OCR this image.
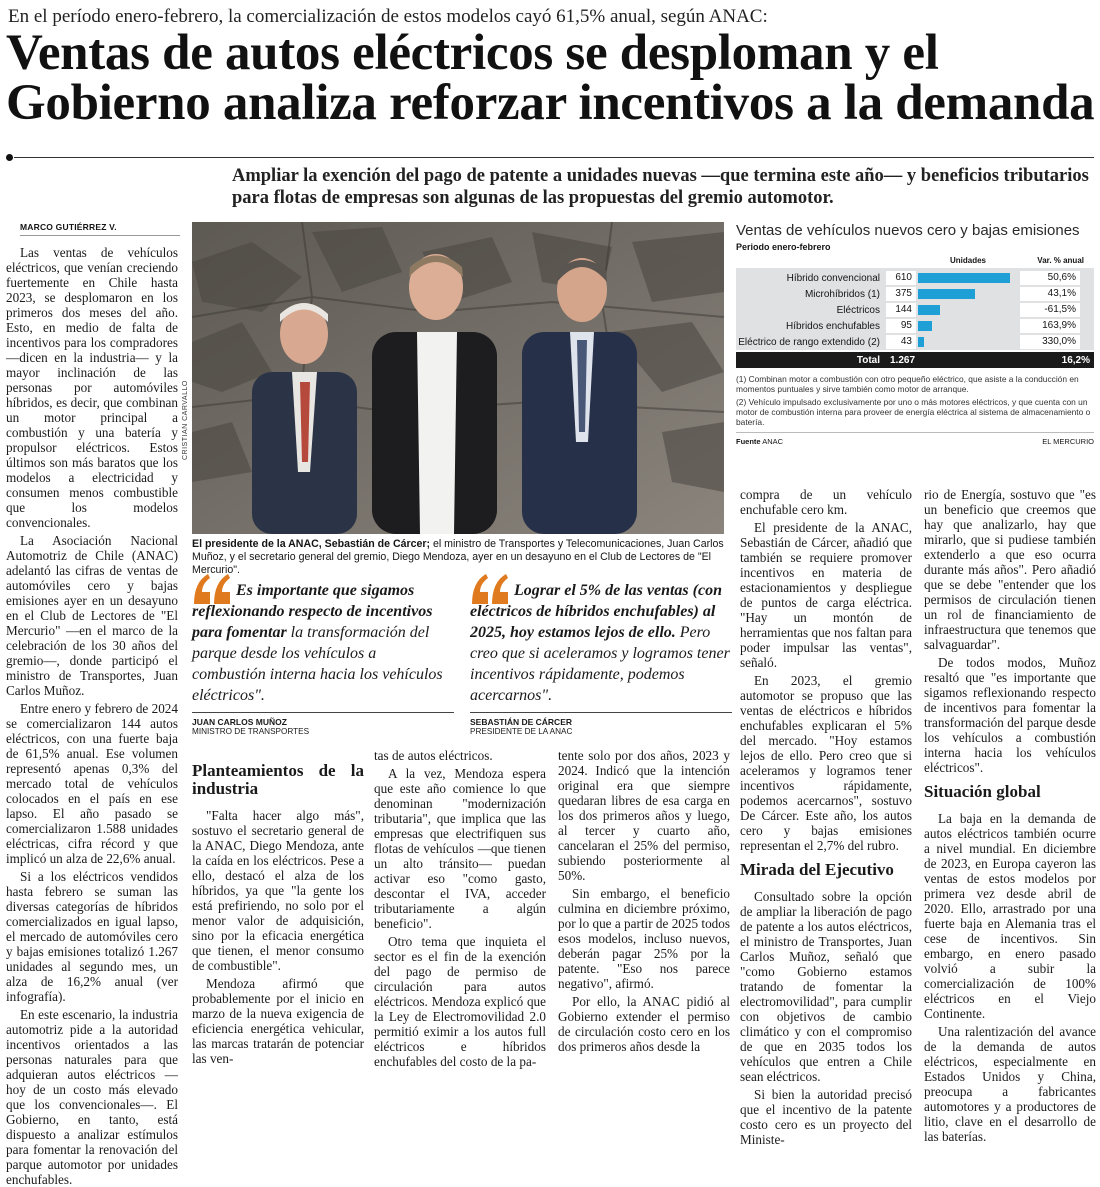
En el período enero-febrero, la comercialización de estos modelos cayó 61,5% anual, según ANAC:
Ventas de autos eléctricos se desploman y el Gobierno analiza reforzar incentivos a la demanda
Ampliar la exención del pago de patente a unidades nuevas —que termina este año— y beneficios tributarios para flotas de empresas son algunas de las propuestas del gremio automotor.
MARCO GUTIÉRREZ V.

Las ventas de vehículos eléctricos, que venían creciendo fuertemente en Chile hasta 2023, se desplomaron en los primeros dos meses del año. Esto, en medio de falta de incentivos para los compradores —dicen en la industria— y la mayor inclinación de las personas por automóviles híbridos, es decir, que combinan un motor principal a combustión y una batería y propulsor eléctricos. Estos últimos son más baratos que los modelos a electricidad y consumen menos combustible que los modelos convencionales.

La Asociación Nacional Automotriz de Chile (ANAC) adelantó las cifras de ventas de automóviles cero y bajas emisiones ayer en un desayuno en el Club de Lectores de "El Mercurio" —en el marco de la celebración de los 30 años del gremio—, donde participó el ministro de Transportes, Juan Carlos Muñoz.

Entre enero y febrero de 2024 se comercializaron 144 autos eléctricos, con una fuerte baja de 61,5% anual. Ese volumen representó apenas 0,3% del mercado total de vehículos colocados en el país en ese lapso. El año pasado se comercializaron 1.588 unidades eléctricas, cifra récord y que implicó un alza de 22,6% anual.

Si a los eléctricos vendidos hasta febrero se suman las diversas categorías de híbridos comercializados en igual lapso, el mercado de automóviles cero y bajas emisiones totalizó 1.267 unidades al segundo mes, un alza de 16,2% anual (ver infografía).

En este escenario, la industria automotriz pide a la autoridad incentivos orientados a las personas naturales para que adquieran autos eléctricos —hoy de un costo más elevado que los convencionales—. El Gobierno, en tanto, está dispuesto a analizar estímulos para fomentar la renovación del parque automotor por unidades enchufables.

CRISTIAN CARVALLO
El presidente de la ANAC, Sebastián de Cárcer; el ministro de Transportes y Telecomunicaciones, Juan Carlos Muñoz, y el secretario general del gremio, Diego Mendoza, ayer en un desayuno en el Club de Lectores de "El Mercurio".
Es importante que sigamos reflexionando respecto de incentivos para fomentar la transformación del parque desde los vehículos a combustión interna hacia los vehículos eléctricos".
JUAN CARLOS MUÑOZ
MINISTRO DE TRANSPORTES
Lograr el 5% de las ventas (con eléctricos de híbridos enchufables) al 2025, hoy estamos lejos de ello. Pero creo que si aceleramos y logramos tener incentivos rápidamente, podemos acercarnos".
SEBASTIÁN DE CÁRCER
PRESIDENTE DE LA ANAC
Planteamientos de la industria

"Falta hacer algo más", sostuvo el secretario general de la ANAC, Diego Mendoza, ante la caída en los eléctricos. Pese a ello, destacó el alza de los híbridos, ya que "la gente los está prefiriendo, no solo por el menor valor de adquisición, sino por la eficacia energética que tienen, el menor consumo de combustible".

Mendoza afirmó que probablemente por el inicio en marzo de la nueva exigencia de eficiencia energética vehicular, las marcas tratarán de potenciar las ven-

tas de autos eléctricos.

A la vez, Mendoza espera que este año comience lo que denominan "modernización tributaria", que implica que las empresas que electrifiquen sus flotas de vehículos —que tienen un alto tránsito— puedan activar eso "como gasto, descontar el IVA, acceder tributariamente a algún beneficio".

Otro tema que inquieta el sector es el fin de la exención del pago de permiso de circulación para autos eléctricos. Mendoza explicó que la Ley de Electromovilidad 2.0 permitió eximir a los autos full eléctricos e híbridos enchufables del costo de la pa-

tente solo por dos años, 2023 y 2024. Indicó que la intención original era que siempre quedaran libres de esa carga en los dos primeros años y luego, al tercer y cuarto año, cancelaran el 25% del permiso, subiendo posteriormente al 50%.

Sin embargo, el beneficio culmina en diciembre próximo, por lo que a partir de 2025 todos esos modelos, incluso nuevos, deberán pagar 25% por la patente. "Eso nos parece negativo", afirmó.

Por ello, la ANAC pidió al Gobierno extender el permiso de circulación costo cero en los dos primeros años desde la

compra de un vehículo enchufable cero km.

El presidente de la ANAC, Sebastián de Cárcer, añadió que también se requiere promover incentivos en materia de estacionamientos y despliegue de puntos de carga eléctrica. "Hay un montón de herramientas que nos faltan para poder impulsar las ventas", señaló.

En 2023, el gremio automotor se propuso que las ventas de eléctricos e híbridos enchufables explicaran el 5% del mercado. "Hoy estamos lejos de ello. Pero creo que si aceleramos y logramos tener incentivos rápidamente, podemos acercarnos", sostuvo De Cárcer. Este año, los autos cero y bajas emisiones representan el 2,7% del rubro.

Mirada del Ejecutivo

Consultado sobre la opción de ampliar la liberación de pago de patente a los autos eléctricos, el ministro de Transportes, Juan Carlos Muñoz, señaló que "como Gobierno estamos tratando de fomentar la electromovilidad", para cumplir con objetivos de cambio climático y con el compromiso de que en 2035 todos los vehículos que entren a Chile sean eléctricos.

Si bien la autoridad precisó que el incentivo de la patente costo cero es un proyecto del Ministe-

rio de Energía, sostuvo que "es un beneficio que creemos que hay que analizarlo, hay que mirarlo, que si pudiese también extenderlo a que eso ocurra durante más años". Pero añadió que se debe "entender que los permisos de circulación tienen un rol de financiamiento de infraestructura que tenemos que salvaguardar".

De todos modos, Muñoz resaltó que "es importante que sigamos reflexionando respecto de incentivos para fomentar la transformación del parque desde los vehículos a combustión interna hacia los vehículos eléctricos".

Situación global

La baja en la demanda de autos eléctricos también ocurre a nivel mundial. En diciembre de 2023, en Europa cayeron las ventas de estos modelos por primera vez desde abril de 2020. Ello, arrastrado por una fuerte baja en Alemania tras el cese de incentivos. Sin embargo, en enero pasado volvió a subir la comercialización de 100% eléctricos en el Viejo Continente.

Una ralentización del avance de la demanda de autos eléctricos, especialmente en Estados Unidos y China, preocupa a fabricantes automotores y a productores de litio, clave en el desarrollo de las baterías.

Ventas de vehículos nuevos cero y bajas emisiones
Periodo enero-febrero
Unidades	Var. % anual
Híbrido convencional	610	50,6%
Microhíbridos (1)	375	43,1%
Eléctricos	144	-61,5%
Híbridos enchufables	95	163,9%
Eléctrico de rango extendido (2)	43	330,0%
Total	1.267	16,2%

(1) Combinan motor a combustión con otro pequeño eléctrico, que asiste a la conducción en momentos puntuales y sirve también como motor de arranque.

(2) Vehículo impulsado exclusivamente por uno o más motores eléctricos, y que cuenta con un motor de combustión interna para proveer de energía eléctrica al sistema de almacenamiento o batería.

Fuente ANAC	EL MERCURIO
